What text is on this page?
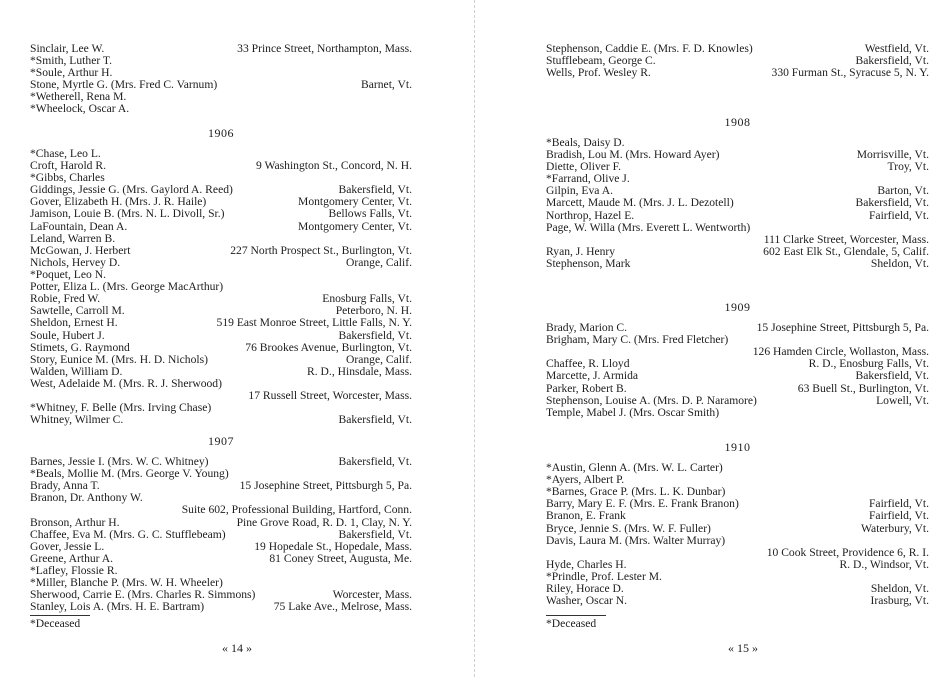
Sinclair, Lee W.	33 Prince Street, Northampton, Mass.
*Smith, Luther T.
*Soule, Arthur H.
Stone, Myrtle G. (Mrs. Fred C. Varnum)	Barnet, Vt.
*Wetherell, Rena M.
*Wheelock, Oscar A.
1906
*Chase, Leo L.
Croft, Harold R.	9 Washington St., Concord, N. H.
*Gibbs, Charles
Giddings, Jessie G. (Mrs. Gaylord A. Reed)	Bakersfield, Vt.
Gover, Elizabeth H. (Mrs. J. R. Haile)	Montgomery Center, Vt.
Jamison, Louie B. (Mrs. N. L. Divoll, Sr.)	Bellows Falls, Vt.
LaFountain, Dean A.	Montgomery Center, Vt.
Leland, Warren B.
McGowan, J. Herbert	227 North Prospect St., Burlington, Vt.
Nichols, Hervey D.	Orange, Calif.
*Poquet, Leo N.
Potter, Eliza L. (Mrs. George MacArthur)
Robie, Fred W.	Enosburg Falls, Vt.
Sawtelle, Carroll M.	Peterboro, N. H.
Sheldon, Ernest H.	519 East Monroe Street, Little Falls, N. Y.
Soule, Hubert J.	Bakersfield, Vt.
Stimets, G. Raymond	76 Brookes Avenue, Burlington, Vt.
Story, Eunice M. (Mrs. H. D. Nichols)	Orange, Calif.
Walden, William D.	R. D., Hinsdale, Mass.
West, Adelaide M. (Mrs. R. J. Sherwood)
17 Russell Street, Worcester, Mass.
*Whitney, F. Belle (Mrs. Irving Chase)
Whitney, Wilmer C.	Bakersfield, Vt.
1907
Barnes, Jessie I. (Mrs. W. C. Whitney)	Bakersfield, Vt.
*Beals, Mollie M. (Mrs. George V. Young)
Brady, Anna T.	15 Josephine Street, Pittsburgh 5, Pa.
Branon, Dr. Anthony W.
Suite 602, Professional Building, Hartford, Conn.
Bronson, Arthur H.	Pine Grove Road, R. D. 1, Clay, N. Y.
Chaffee, Eva M. (Mrs. G. C. Stufflebeam)	Bakersfield, Vt.
Gover, Jessie L.	19 Hopedale St., Hopedale, Mass.
Greene, Arthur A.	81 Coney Street, Augusta, Me.
*Lafley, Flossie R.
*Miller, Blanche P. (Mrs. W. H. Wheeler)
Sherwood, Carrie E. (Mrs. Charles R. Simmons)	Worcester, Mass.
Stanley, Lois A. (Mrs. H. E. Bartram)	75 Lake Ave., Melrose, Mass.
*Deceased
« 14 »
Stephenson, Caddie E. (Mrs. F. D. Knowles)	Westfield, Vt.
Stufflebeam, George C.	Bakersfield, Vt.
Wells, Prof. Wesley R.	330 Furman St., Syracuse 5, N. Y.
1908
*Beals, Daisy D.
Bradish, Lou M. (Mrs. Howard Ayer)	Morrisville, Vt.
Diette, Oliver F.	Troy, Vt.
*Farrand, Olive J.
Gilpin, Eva A.	Barton, Vt.
Marcett, Maude M. (Mrs. J. L. Dezotell)	Bakersfield, Vt.
Northrop, Hazel E.	Fairfield, Vt.
Page, W. Willa (Mrs. Everett L. Wentworth)
111 Clarke Street, Worcester, Mass.
Ryan, J. Henry	602 East Elk St., Glendale, 5, Calif.
Stephenson, Mark	Sheldon, Vt.
1909
Brady, Marion C.	15 Josephine Street, Pittsburgh 5, Pa.
Brigham, Mary C. (Mrs. Fred Fletcher)
126 Hamden Circle, Wollaston, Mass.
Chaffee, R. Lloyd	R. D., Enosburg Falls, Vt.
Marcette, J. Armida	Bakersfield, Vt.
Parker, Robert B.	63 Buell St., Burlington, Vt.
Stephenson, Louise A. (Mrs. D. P. Naramore)	Lowell, Vt.
Temple, Mabel J. (Mrs. Oscar Smith)
1910
*Austin, Glenn A. (Mrs. W. L. Carter)
*Ayers, Albert P.
*Barnes, Grace P. (Mrs. L. K. Dunbar)
Barry, Mary E. F. (Mrs. E. Frank Branon)	Fairfield, Vt.
Branon, E. Frank	Fairfield, Vt.
Bryce, Jennie S. (Mrs. W. F. Fuller)	Waterbury, Vt.
Davis, Laura M. (Mrs. Walter Murray)
10 Cook Street, Providence 6, R. I.
Hyde, Charles H.	R. D., Windsor, Vt.
*Prindle, Prof. Lester M.
Riley, Horace D.	Sheldon, Vt.
Washer, Oscar N.	Irasburg, Vt.
*Deceased
« 15 »
